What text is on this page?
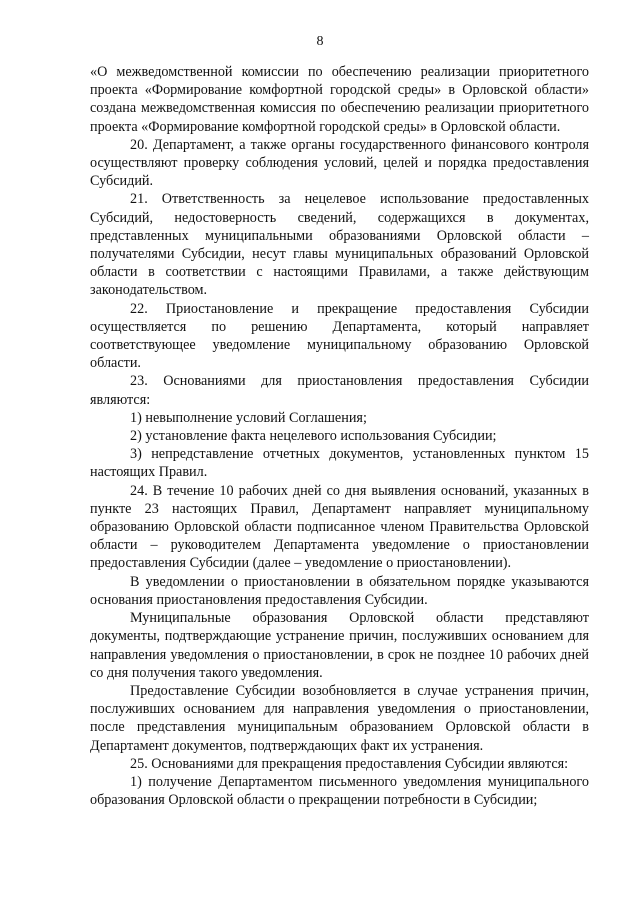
8

«О межведомственной комиссии по обеспечению реализации приоритетного проекта «Формирование комфортной городской среды» в Орловской области» создана межведомственная комиссия по обеспечению реализации приоритетного проекта «Формирование комфортной городской среды» в Орловской области.

20. Департамент, а также органы государственного финансового контроля осуществляют проверку соблюдения условий, целей и порядка предоставления Субсидий.

21. Ответственность за нецелевое использование предоставленных Субсидий, недостоверность сведений, содержащихся в документах, представленных муниципальными образованиями Орловской области – получателями Субсидии, несут главы муниципальных образований Орловской области в соответствии с настоящими Правилами, а также действующим законодательством.

22. Приостановление и прекращение предоставления Субсидии осуществляется по решению Департамента, который направляет соответствующее уведомление муниципальному образованию Орловской области.

23. Основаниями для приостановления предоставления Субсидии являются:

1) невыполнение условий Соглашения;

2) установление факта нецелевого использования Субсидии;

3) непредставление отчетных документов, установленных пунктом 15 настоящих Правил.

24. В течение 10 рабочих дней со дня выявления оснований, указанных в пункте 23 настоящих Правил, Департамент направляет муниципальному образованию Орловской области подписанное членом Правительства Орловской области – руководителем Департамента уведомление о приостановлении предоставления Субсидии (далее – уведомление о приостановлении).

В уведомлении о приостановлении в обязательном порядке указываются основания приостановления предоставления Субсидии.

Муниципальные образования Орловской области представляют документы, подтверждающие устранение причин, послуживших основанием для направления уведомления о приостановлении, в срок не позднее 10 рабочих дней со дня получения такого уведомления.

Предоставление Субсидии возобновляется в случае устранения причин, послуживших основанием для направления уведомления о приостановлении, после представления муниципальным образованием Орловской области в Департамент документов, подтверждающих факт их устранения.

25. Основаниями для прекращения предоставления Субсидии являются:

1) получение Департаментом письменного уведомления муниципального образования Орловской области о прекращении потребности в Субсидии;
